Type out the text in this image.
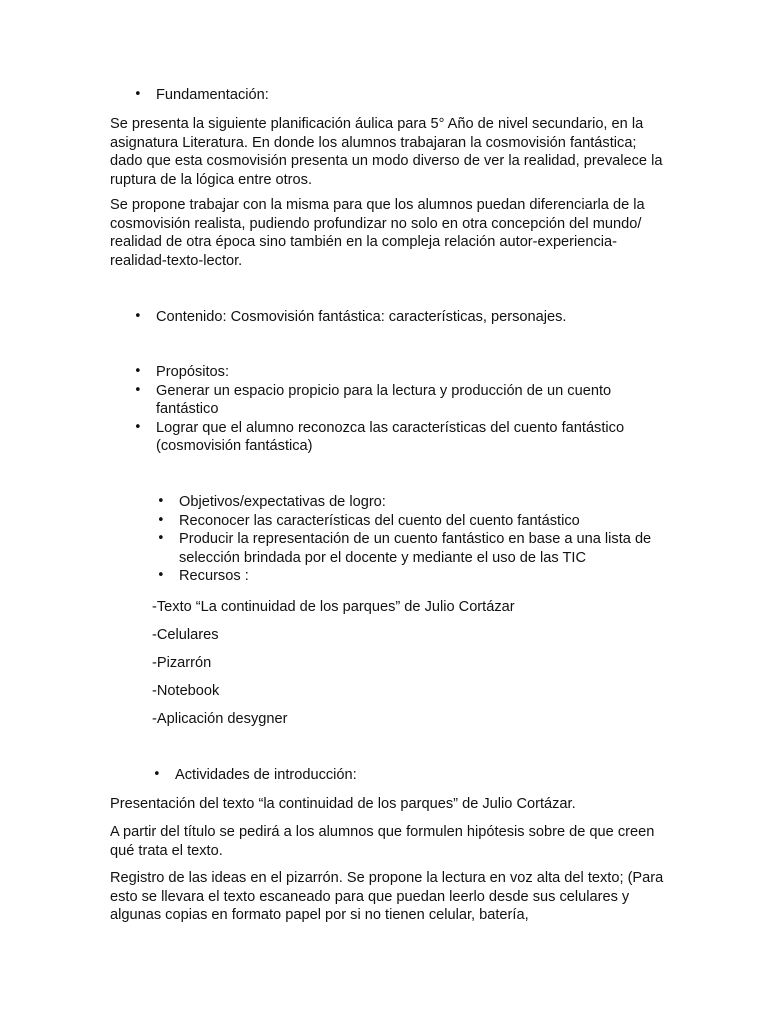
• Fundamentación:

Se presenta la siguiente planificación áulica para 5° Año de nivel secundario, en la asignatura Literatura. En donde los alumnos trabajaran la cosmovisión fantástica; dado que esta cosmovisión presenta un modo diverso de ver la realidad, prevalece la ruptura de la lógica entre otros.

Se propone trabajar con la misma para que los alumnos puedan diferenciarla de la cosmovisión realista, pudiendo profundizar no solo en otra concepción del mundo/ realidad de otra época sino también en la compleja relación autor-experiencia-realidad-texto-lector.

• Contenido: Cosmovisión fantástica: características, personajes.
• Propósitos:
• Generar un espacio propicio para la lectura y producción de un cuento fantástico
• Lograr que el alumno reconozca las características del cuento fantástico (cosmovisión fantástica)
• Objetivos/expectativas de logro:
• Reconocer las características del cuento del cuento fantástico
• Producir la representación de un cuento fantástico en base a una lista de selección brindada por el docente y mediante el uso de las TIC
• Recursos :
-Texto “La continuidad de los parques” de Julio Cortázar
-Celulares
-Pizarrón
-Notebook
-Aplicación desygner
• Actividades de introducción:

Presentación del texto “la continuidad de los parques” de Julio Cortázar.

A partir del título se pedirá a los alumnos que formulen hipótesis sobre de que creen qué trata el texto.

Registro de las ideas en el pizarrón. Se propone la lectura en voz alta del texto; (Para esto se llevara el texto escaneado para que puedan leerlo desde sus celulares y algunas copias en formato papel por si no tienen celular, batería,
